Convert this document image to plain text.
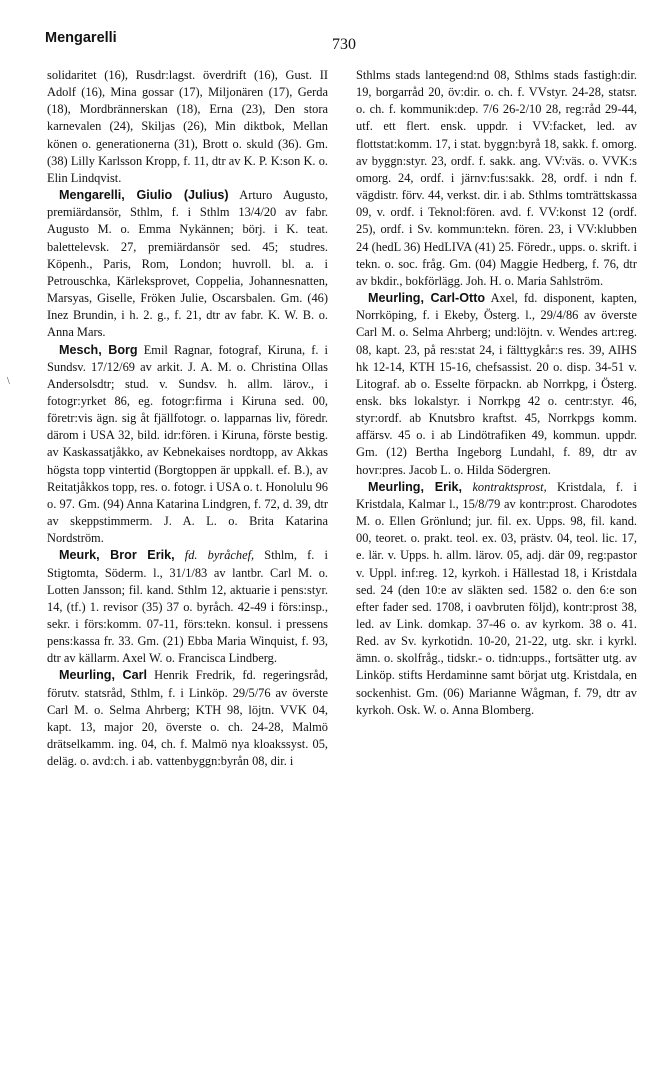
Mengarelli	730
\

solidaritet (16), Rusdr:lagst. överdrift (16), Gust. II Adolf (16), Mina gossar (17), Miljonären (17), Gerda (18), Mordbrännerskan (18), Erna (23), Den stora karnevalen (24), Skiljas (26), Min diktbok, Mellan könen o. generationerna (31), Brott o. skuld (36). Gm. (38) Lilly Karlsson Kropp, f. 11, dtr av K. P. K:son K. o. Elin Lindqvist.

Mengarelli, Giulio (Julius) Arturo Augusto, premiärdansör, Sthlm, f. i Sthlm 13/4/20 av fabr. Augusto M. o. Emma Nykännen; börj. i K. teat. balettelevsk. 27, premiärdansör sed. 45; studres. Köpenh., Paris, Rom, London; huvroll. bl. a. i Petrouschka, Kärleksprovet, Coppelia, Johannesnatten, Marsyas, Giselle, Fröken Julie, Oscarsbalen. Gm. (46) Inez Brundin, i h. 2. g., f. 21, dtr av fabr. K. W. B. o. Anna Mars.

Mesch, Borg Emil Ragnar, fotograf, Kiruna, f. i Sundsv. 17/12/69 av arkit. J. A. M. o. Christina Ollas Andersolsdtr; stud. v. Sundsv. h. allm. lärov., i fotogr:yrket 86, eg. fotogr:firma i Kiruna sed. 00, företr:vis ägn. sig åt fjällfotogr. o. lapparnas liv, föredr. därom i USA 32, bild. idr:fören. i Kiruna, förste bestig. av Kaskassatjåkko, av Kebnekaises nordtopp, av Akkas högsta topp vintertid (Borgtoppen är uppkall. ef. B.), av Reitatjåkkos topp, res. o. fotogr. i USA o. t. Honolulu 96 o. 97. Gm. (94) Anna Katarina Lindgren, f. 72, d. 39, dtr av skeppstimmerm. J. A. L. o. Brita Katarina Nordström.

Meurk, Bror Erik, fd. byråchef, Sthlm, f. i Stigtomta, Söderm. l., 31/1/83 av lantbr. Carl M. o. Lotten Jansson; fil. kand. Sthlm 12, aktuarie i pens:styr. 14, (tf.) 1. revisor (35) 37 o. byråch. 42-49 i förs:insp., sekr. i förs:komm. 07-11, förs:tekn. konsul. i pressens pens:kassa fr. 33. Gm. (21) Ebba Maria Winquist, f. 93, dtr av källarm. Axel W. o. Francisca Lindberg.

Meurling, Carl Henrik Fredrik, fd. regeringsråd, förutv. statsråd, Sthlm, f. i Linköp. 29/5/76 av överste Carl M. o. Selma Ahrberg; KTH 98, löjtn. VVK 04, kapt. 13, major 20, överste o. ch. 24-28, Malmö drätselkamm. ing. 04, ch. f. Malmö nya kloakssyst. 05, deläg. o. avd:ch. i ab. vattenbyggn:byrån 08, dir. i

Sthlms stads lantegend:nd 08, Sthlms stads fastigh:dir. 19, borgarråd 20, öv:dir. o. ch. f. VVstyr. 24-28, statsr. o. ch. f. kommunik:dep. 7/6 26-2/10 28, reg:råd 29-44, utf. ett flert. ensk. uppdr. i VV:facket, led. av flottstat:komm. 17, i stat. byggn:byrå 18, sakk. f. omorg. av byggn:styr. 23, ordf. f. sakk. ang. VV:väs. o. VVK:s omorg. 24, ordf. i järnv:fus:sakk. 28, ordf. i ndn f. vägdistr. förv. 44, verkst. dir. i ab. Sthlms tomträttskassa 09, v. ordf. i Teknol:fören. avd. f. VV:konst 12 (ordf. 25), ordf. i Sv. kommun:tekn. fören. 23, i VV:klubben 24 (hedL 36) HedLIVA (41) 25. Föredr., upps. o. skrift. i tekn. o. soc. fråg. Gm. (04) Maggie Hedberg, f. 76, dtr av bkdir., bokförlägg. Joh. H. o. Maria Sahlström.

Meurling, Carl-Otto Axel, fd. disponent, kapten, Norrköping, f. i Ekeby, Österg. l., 29/4/86 av överste Carl M. o. Selma Ahrberg; und:löjtn. v. Wendes art:reg. 08, kapt. 23, på res:stat 24, i fälttygkår:s res. 39, AIHS hk 12-14, KTH 15-16, chefsassist. 20 o. disp. 34-51 v. Litograf. ab o. Esselte förpackn. ab Norrkpg, i Österg. ensk. bks lokalstyr. i Norrkpg 42 o. centr:styr. 46, styr:ordf. ab Knutsbro kraftst. 45, Norrkpgs komm. affärsv. 45 o. i ab Lindötrafiken 49, kommun. uppdr. Gm. (12) Bertha Ingeborg Lundahl, f. 89, dtr av hovr:pres. Jacob L. o. Hilda Södergren.

Meurling, Erik, kontraktsprost, Kristdala, f. i Kristdala, Kalmar l., 15/8/79 av kontr:prost. Charodotes M. o. Ellen Grönlund; jur. fil. ex. Upps. 98, fil. kand. 00, teoret. o. prakt. teol. ex. 03, prästv. 04, teol. lic. 17, e. lär. v. Upps. h. allm. lärov. 05, adj. där 09, reg:pastor v. Uppl. inf:reg. 12, kyrkoh. i Hällestad 18, i Kristdala sed. 24 (den 10:e av släkten sed. 1582 o. den 6:e son efter fader sed. 1708, i oavbruten följd), kontr:prost 38, led. av Link. domkap. 37-46 o. av kyrkom. 38 o. 41. Red. av Sv. kyrkotidn. 10-20, 21-22, utg. skr. i kyrkl. ämn. o. skolfråg., tidskr.- o. tidn:upps., fortsätter utg. av Linköp. stifts Herdaminne samt börjat utg. Kristdala, en sockenhist. Gm. (06) Marianne Wågman, f. 79, dtr av kyrkoh. Osk. W. o. Anna Blomberg.
